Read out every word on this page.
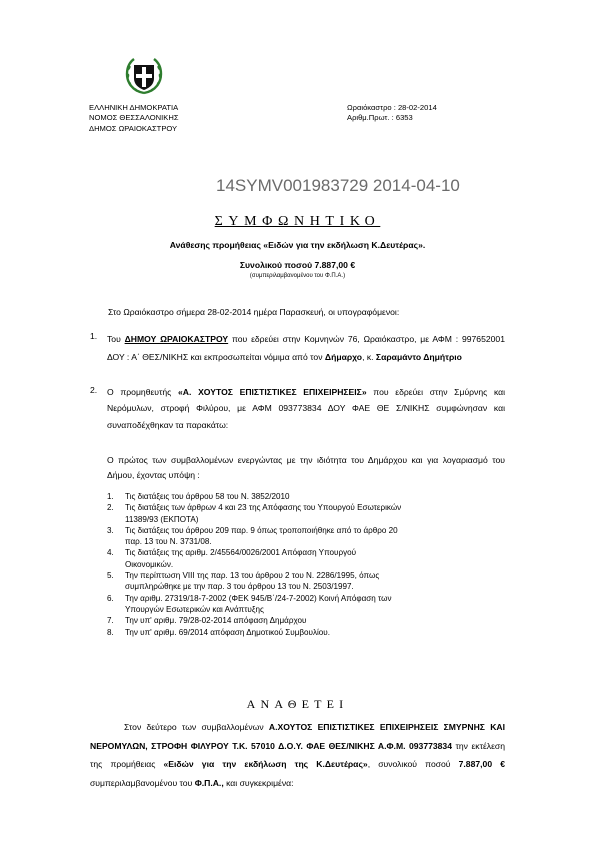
ΕΛΛΗΝΙΚΗ ΔΗΜΟΚΡΑΤΙΑ
ΝΟΜΟΣ ΘΕΣΣΑΛΟΝΙΚΗΣ
ΔΗΜΟΣ ΩΡΑΙΟΚΑΣΤΡΟΥ
Ωραιόκαστρο : 28-02-2014
Αριθμ.Πρωτ. : 6353
14SYMV001983729 2014-04-10
ΣΥΜΦΩΝΗΤΙΚΟ
Ανάθεσης προμήθειας «Ειδών για την εκδήλωση Κ.Δευτέρας».
Συνολικού ποσού 7.887,00 €
(συμπεριλαμβανομένου του Φ.Π.Α.)
Στο Ωραιόκαστρο σήμερα 28-02-2014 ημέρα Παρασκευή, οι υπογραφόμενοι:
1.	Του ΔΗΜΟΥ ΩΡΑΙΟΚΑΣΤΡΟΥ που εδρεύει στην Κομνηνών 76, Ωραιόκαστρο, με ΑΦΜ : 997652001 ΔΟΥ : Α΄ ΘΕΣ/ΝΙΚΗΣ και εκπροσωπείται νόμιμα από τον Δήμαρχο, κ. Σαραμάντο Δημήτριο
2.	Ο προμηθευτής «Α. ΧΟΥΤΟΣ ΕΠΙΣΤΙΣΤΙΚΕΣ ΕΠΙΧΕΙΡΗΣΕΙΣ» που εδρεύει στην Σμύρνης και Νερόμυλων, στροφή Φιλύρου, με ΑΦΜ 093773834 ΔΟΥ ΦΑΕ ΘΕ Σ/ΝΙΚΗΣ συμφώνησαν και συναποδέχθηκαν τα παρακάτω:
Ο πρώτος των συμβαλλομένων ενεργώντας με την ιδιότητα του Δημάρχου και για λογαριασμό του Δήμου, έχοντας υπόψη :
1. Τις διατάξεις του άρθρου 58 του Ν. 3852/2010
2. Τις διατάξεις των άρθρων 4 και 23 της Απόφασης του Υπουργού Εσωτερικών 11389/93 (ΕΚΠΟΤΑ)
3. Τις διατάξεις του άρθρου 209 παρ. 9 όπως τροποποιήθηκε από το άρθρο 20 παρ. 13 του Ν. 3731/08.
4. Τις διατάξεις της αριθμ. 2/45564/0026/2001 Απόφαση Υπουργού Οικονομικών.
5. Την περίπτωση VIII της παρ. 13 του άρθρου 2 του Ν. 2286/1995, όπως συμπληρώθηκε με την παρ. 3 του άρθρου 13 του Ν. 2503/1997.
6. Την αριθμ. 27319/18-7-2002 (ΦΕΚ 945/Β΄/24-7-2002) Κοινή Απόφαση των Υπουργών Εσωτερικών και Ανάπτυξης
7. Την υπ' αριθμ. 79/28-02-2014 απόφαση Δημάρχου
8. Την υπ' αριθμ. 69/2014 απόφαση Δημοτικού Συμβουλίου.
ΑΝΑΘΕΤΕΙ
Στον δεύτερο των συμβαλλομένων Α.ΧΟΥΤΟΣ ΕΠΙΣΤΙΣΤΙΚΕΣ ΕΠΙΧΕΙΡΗΣΕΙΣ ΣΜΥΡΝΗΣ ΚΑΙ ΝΕΡΟΜΥΛΩΝ, ΣΤΡΟΦΗ ΦΙΛΥΡΟΥ Τ.Κ. 57010 Δ.Ο.Υ. ΦΑΕ ΘΕΣ/ΝΙΚΗΣ Α.Φ.Μ. 093773834 την εκτέλεση της προμήθειας «Ειδών για την εκδήλωση της Κ.Δευτέρας», συνολικού ποσού 7.887,00 € συμπεριλαμβανομένου του Φ.Π.Α., και συγκεκριμένα:
